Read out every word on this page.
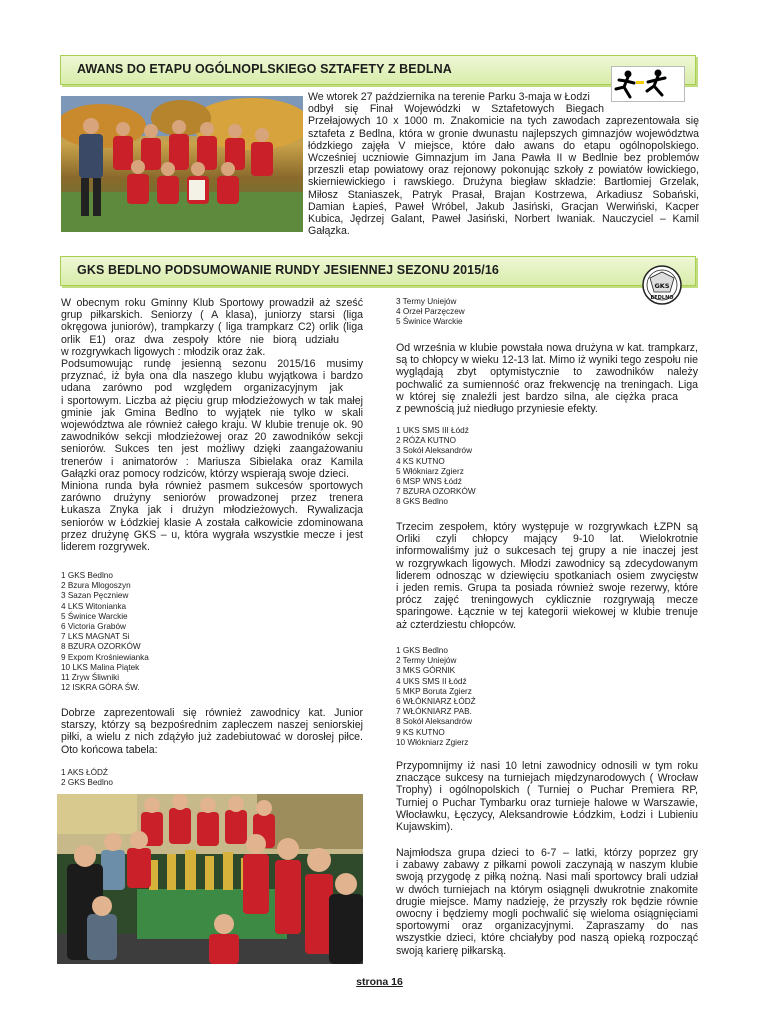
AWANS DO ETAPU OGÓLNOPLSKIEGO SZTAFETY Z BEDLNA
We wtorek 27 października na terenie Parku 3-maja w Łodzi
odbył się Finał Wojewódzki w Sztafetowych Biegach
Przełajowych 10 x 1000 m. Znakomicie na tych zawodach zaprezentowała się
sztafeta z Bedlna, która w gronie dwunastu najlepszych gimnazjów województwa
łódzkiego zajęła V miejsce, które dało awans do etapu ogólnopolskiego.
Wcześniej uczniowie Gimnazjum im Jana Pawła II w Bedlnie bez problemów
przeszli etap powiatowy oraz rejonowy pokonując szkoły z powiatów łowickiego,
skierniewickiego i rawskiego. Drużyna biegław składzie: Bartłomiej Grzelak,
Miłosz Staniaszek, Patryk Prasał, Brajan Kostrzewa, Arkadiusz Sobański,
Damian Łapieś, Paweł Wróbel, Jakub Jasiński, Gracjan Werwiński, Kacper
Kubica, Jędrzej Galant, Paweł Jasiński, Norbert Iwaniak. Nauczyciel – Kamil
Gałązka.
GKS BEDLNO PODSUMOWANIE RUNDY JESIENNEJ SEZONU 2015/16
GKS
BEDLNO
W obecnym roku Gminny Klub Sportowy prowadził aż sześć
grup piłkarskich. Seniorzy ( A klasa), juniorzy starsi (liga
okręgowa juniorów), trampkarzy ( liga trampkarz C2) orlik (liga
orlik E1) oraz dwa zespoły które nie biorą udziału
w rozgrywkach ligowych : młodzik oraz żak.
Podsumowując rundę jesienną sezonu 2015/16 musimy
przyznać, iż była ona dla naszego klubu wyjątkowa i bardzo
udana zarówno pod względem organizacyjnym jak
i sportowym. Liczba aż pięciu grup młodzieżowych w tak małej
gminie jak Gmina Bedlno to wyjątek nie tylko w skali
województwa ale również całego kraju. W klubie trenuje ok. 90
zawodników sekcji młodzieżowej oraz 20 zawodników sekcji
seniorów. Sukces ten jest możliwy dzięki zaangażowaniu
trenerów i animatorów : Mariusza Sibielaka oraz Kamila
Gałązki oraz pomocy rodziców, którzy wspierają swoje dzieci.
Miniona runda była również pasmem sukcesów sportowych
zarówno drużyny seniorów prowadzonej przez trenera
Łukasza Znyka jak i drużyn młodzieżowych. Rywalizacja
seniorów w Łódzkiej klasie A została całkowicie zdominowana
przez drużynę GKS – u, która wygrała wszystkie mecze i jest
liderem rozgrywek.
1 GKS Bedlno
2 Bzura Mlogoszyn
3 Sazan Pęczniew
4 LKS Witonianka
5 Świnice Warckie
6 Victoria Grabów
7 LKS MAGNAT Si
8 BZURA OZORKÓW
9 Expom Krośniewianka
10 LKS Malina Piątek
11 Zryw Śliwniki
12 ISKRA GÓRA ŚW.
Dobrze zaprezentowali się również zawodnicy kat. Junior
starszy, którzy są bezpośrednim zapleczem naszej seniorskiej
piłki, a wielu z nich zdążyło już zadebiutować w dorosłej piłce.
Oto końcowa tabela:
1 AKS ŁÓDŹ
2 GKS Bedlno
3 Termy Uniejów
4 Orzeł Parzęczew
5 Świnice Warckie
Od września w klubie powstała nowa drużyna w kat. trampkarz,
są to chłopcy w wieku 12-13 lat. Mimo iż wyniki tego zespołu nie
wyglądają zbyt optymistycznie to zawodników należy
pochwalić za sumienność oraz frekwencję na treningach. Liga
w której się znaleźli jest bardzo silna, ale ciężka praca
z pewnością już niedługo przyniesie efekty.
1 UKS SMS III Łódź
2 RÓŻA KUTNO
3 Sokół Aleksandrów
4 KS KUTNO
5 Włókniarz Zgierz
6 MSP WNS Łódź
7 BZURA OZORKÓW
8 GKS Bedlno
Trzecim zespołem, który występuje w rozgrywkach ŁZPN są
Orliki czyli chłopcy mający 9-10 lat. Wielokrotnie
informowaliśmy już o sukcesach tej grupy a nie inaczej jest
w rozgrywkach ligowych. Młodzi zawodnicy są zdecydowanym
liderem odnosząc w dziewięciu spotkaniach osiem zwycięstw
i jeden remis. Grupa ta posiada również swoje rezerwy, które
prócz zajęć treningowych cyklicznie rozgrywają mecze
sparingowe. Łącznie w tej kategorii wiekowej w klubie trenuje
aż czterdziestu chłopców.
1 GKS Bedlno
2 Termy Uniejów
3 MKS GÓRNIK
4 UKS SMS II Łódź
5 MKP Boruta Zgierz
6 WŁÓKNIARZ ŁÓDŹ
7 WŁÓKNIARZ PAB.
8 Sokół Aleksandrów
9 KS KUTNO
10 Włókniarz Zgierz
Przypomnijmy iż nasi 10 letni zawodnicy odnosili w tym roku
znaczące sukcesy na turniejach międzynarodowych ( Wrocław
Trophy) i ogólnopolskich ( Turniej o Puchar Premiera RP,
Turniej o Puchar Tymbarku oraz turnieje halowe w Warszawie,
Włocławku, Łęczycy, Aleksandrowie Łódzkim, Łodzi i Lubieniu
Kujawskim).
Najmłodsza grupa dzieci to 6-7 – latki, którzy poprzez gry
i zabawy zabawy z piłkami powoli zaczynają w naszym klubie
swoją przygodę z piłką nożną. Nasi mali sportowcy brali udział
w dwóch turniejach na którym osiągnęli dwukrotnie znakomite
drugie miejsce. Mamy nadzieję, że przyszły rok będzie równie
owocny i będziemy mogli pochwalić się wieloma osiągnięciami
sportowymi oraz organizacyjnymi. Zapraszamy do nas
wszystkie dzieci, które chciałyby pod naszą opieką rozpocząć
swoją karierę piłkarską.
strona 16
